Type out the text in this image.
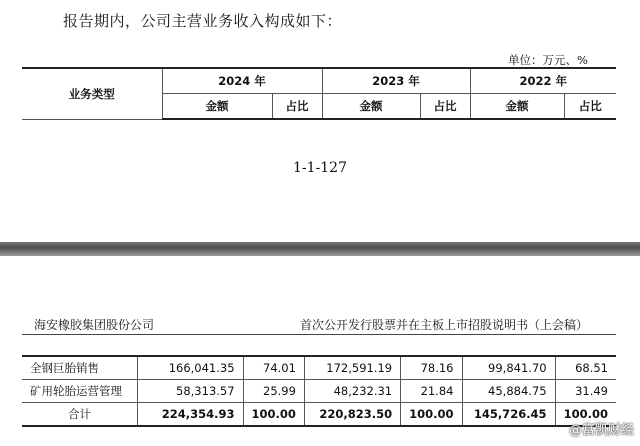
报告期内，公司主营业务收入构成如下：
单位：万元、%
业务类型	2024 年		2023 年		2022 年	
	金额	占比	金额	占比	金额	占比
1-1-127
海安橡胶集团股份公司	首次公开发行股票并在主板上市招股说明书（上会稿）
全钢巨胎销售	166,041.35	74.01	172,591.19	78.16	99,841.70	68.51
矿用轮胎运营管理	58,313.57	25.99	48,232.31	21.84	45,884.75	31.49
合计	224,354.93	100.00	220,823.50	100.00	145,726.45	100.00
@富凯财经
